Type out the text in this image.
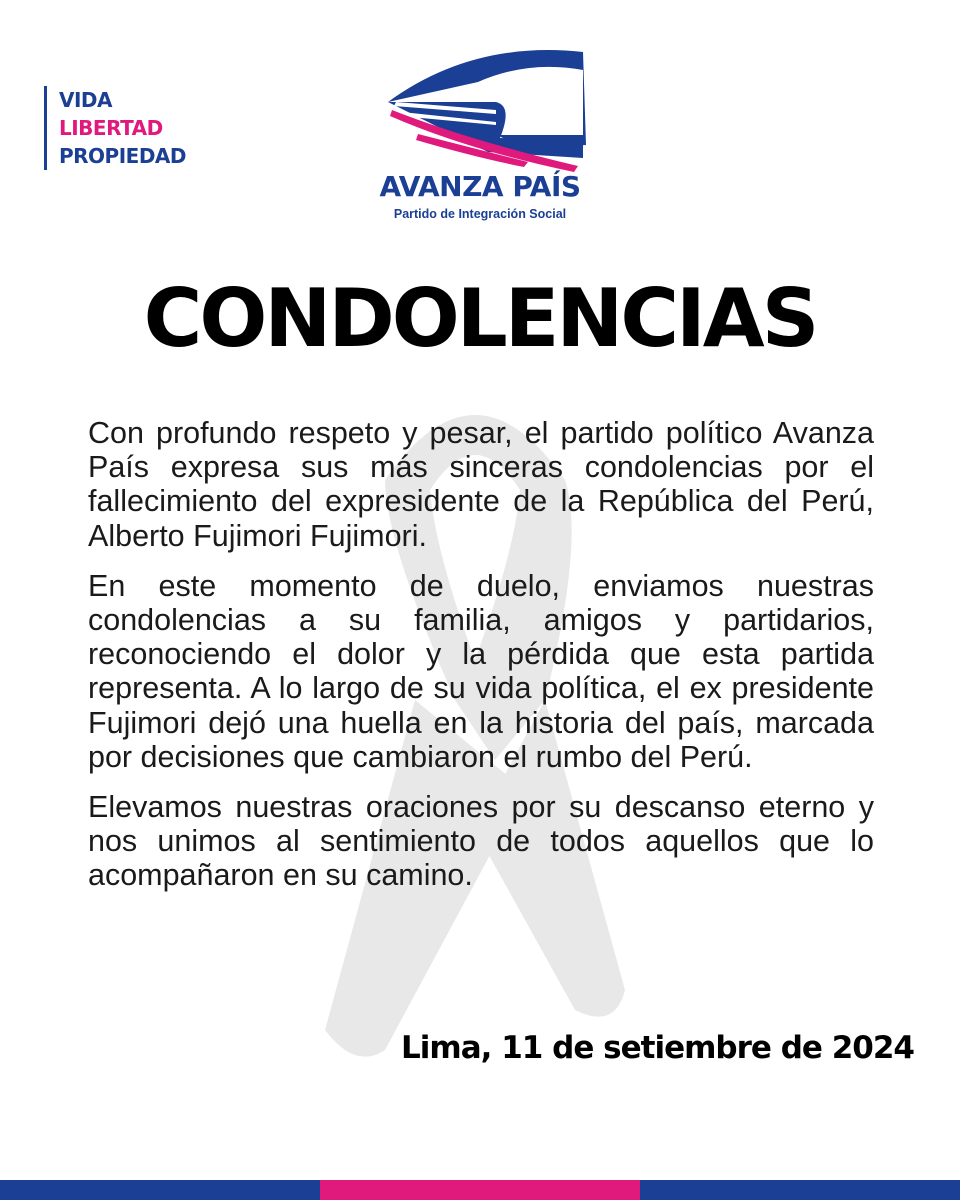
VIDA
LIBERTAD
PROPIEDAD
AVANZA PAÍS
Partido de Integración Social
CONDOLENCIAS

Con profundo respeto y pesar, el partido político Avanza País expresa sus más sinceras condolencias por el fallecimiento del expresidente de la República del Perú, Alberto Fujimori Fujimori.

En este momento de duelo, enviamos nuestras condolencias a su familia, amigos y partidarios, reconociendo el dolor y la pérdida que esta partida representa. A lo largo de su vida política, el ex presidente Fujimori dejó una huella en la historia del país, marcada por decisiones que cambiaron el rumbo del Perú.

Elevamos nuestras oraciones por su descanso eterno y nos unimos al sentimiento de todos aquellos que lo acompañaron en su camino.

Lima, 11 de setiembre de 2024
